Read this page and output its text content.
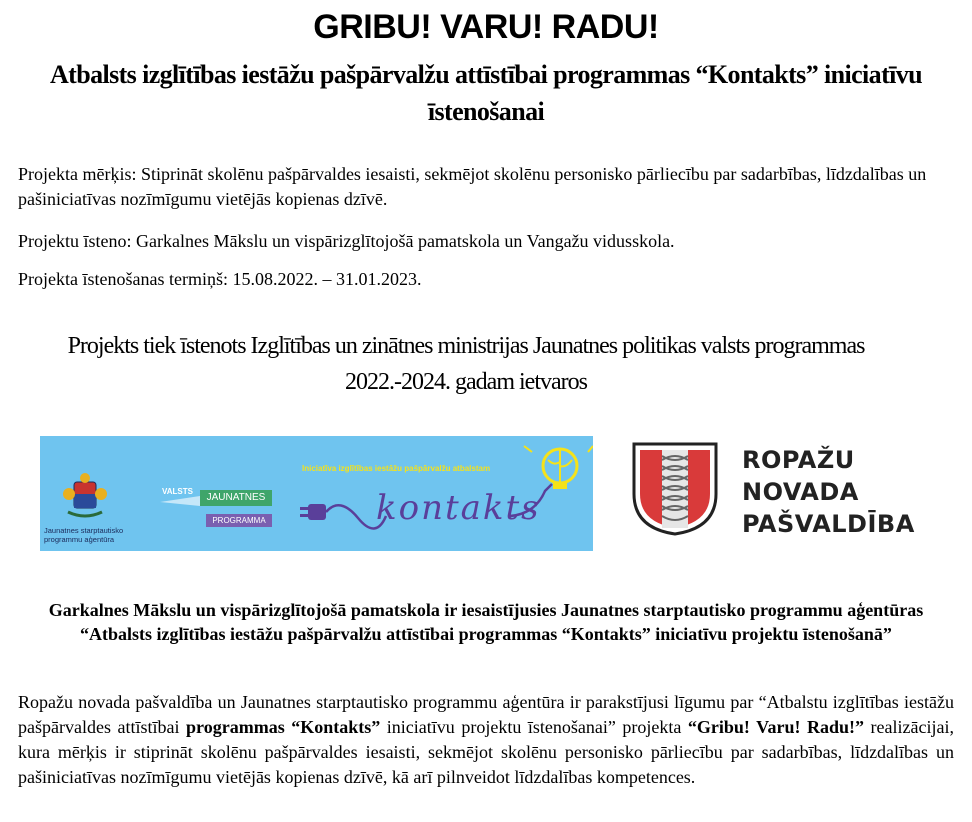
GRIBU! VARU! RADU!
Atbalsts izglītības iestāžu pašpārvalžu attīstībai programmas “Kontakts” iniciatīvu īstenošanai

Projekta mērķis: Stiprināt skolēnu pašpārvaldes iesaisti, sekmējot skolēnu personisko pārliecību par sadarbības, līdzdalības un pašiniciatīvas nozīmīgumu vietējās kopienas dzīvē.

Projektu īsteno: Garkalnes Mākslu un vispārizglītojošā pamatskola un Vangažu vidusskola.

Projekta īstenošanas termiņš: 15.08.2022. – 31.01.2023.

Projekts tiek īstenots Izglītības un zinātnes ministrijas Jaunatnes politikas valsts programmas 2022.-2024. gadam ietvaros

Jaunatnes starptautisko programmu aģentūra
VALSTS
JAUNATNES
PROGRAMMA
Iniciatīva izglītības iestāžu pašpārvalžu atbalstam
kontakts
ROPAŽU
NOVADA
PAŠVALDĪBA

Garkalnes Mākslu un vispārizglītojošā pamatskola ir iesaistījusies Jaunatnes starptautisko programmu aģentūras “Atbalsts izglītības iestāžu pašpārvalžu attīstībai programmas “Kontakts” iniciatīvu projektu īstenošanā”

Ropažu novada pašvaldība un Jaunatnes starptautisko programmu aģentūra ir parakstījusi līgumu par “Atbalstu izglītības iestāžu pašpārvaldes attīstībai programmas “Kontakts” iniciatīvu projektu īstenošanai” projekta “Gribu! Varu! Radu!” realizācijai, kura mērķis ir stiprināt skolēnu pašpārvaldes iesaisti, sekmējot skolēnu personisko pārliecību par sadarbības, līdzdalības un pašiniciatīvas nozīmīgumu vietējās kopienas dzīvē, kā arī pilnveidot līdzdalības kompetences.
